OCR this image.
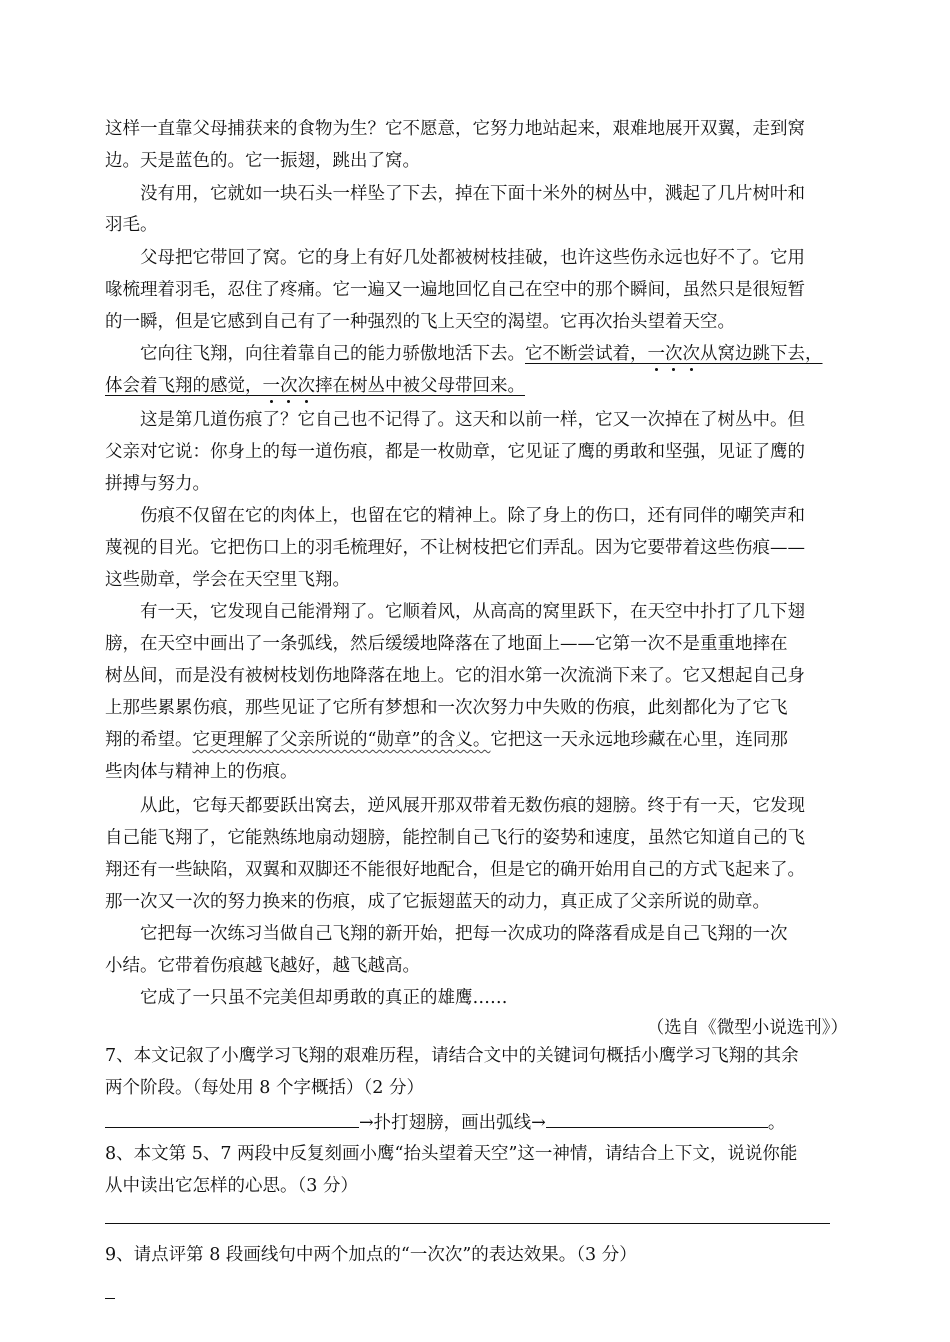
这样一直靠父母捕获来的食物为生？它不愿意，它努力地站起来，艰难地展开双翼，走到窝
边。天是蓝色的。它一振翅，跳出了窝。
没有用，它就如一块石头一样坠了下去，掉在下面十米外的树丛中，溅起了几片树叶和
羽毛。
父母把它带回了窝。它的身上有好几处都被树枝挂破，也许这些伤永远也好不了。它用
喙梳理着羽毛，忍住了疼痛。它一遍又一遍地回忆自己在空中的那个瞬间，虽然只是很短暂
的一瞬，但是它感到自己有了一种强烈的飞上天空的渴望。它再次抬头望着天空。
它向往飞翔，向往着靠自己的能力骄傲地活下去。它不断尝试着，一次次从窝边跳下去，
体会着飞翔的感觉，一次次摔在树丛中被父母带回来。
这是第几道伤痕了？它自己也不记得了。这天和以前一样，它又一次掉在了树丛中。但
父亲对它说：你身上的每一道伤痕，都是一枚勋章，它见证了鹰的勇敢和坚强，见证了鹰的
拼搏与努力。
伤痕不仅留在它的肉体上，也留在它的精神上。除了身上的伤口，还有同伴的嘲笑声和
蔑视的目光。它把伤口上的羽毛梳理好，不让树枝把它们弄乱。因为它要带着这些伤痕——
这些勋章，学会在天空里飞翔。
有一天，它发现自己能滑翔了。它顺着风，从高高的窝里跃下，在天空中扑打了几下翅
膀，在天空中画出了一条弧线，然后缓缓地降落在了地面上——它第一次不是重重地摔在
树丛间，而是没有被树枝划伤地降落在地上。它的泪水第一次流淌下来了。它又想起自己身
上那些累累伤痕，那些见证了它所有梦想和一次次努力中失败的伤痕，此刻都化为了它飞
翔的希望。它更理解了父亲所说的“勋章”的含义。它把这一天永远地珍藏在心里，连同那
些肉体与精神上的伤痕。
从此，它每天都要跃出窝去，逆风展开那双带着无数伤痕的翅膀。终于有一天，它发现
自己能飞翔了，它能熟练地扇动翅膀，能控制自己飞行的姿势和速度，虽然它知道自己的飞
翔还有一些缺陷，双翼和双脚还不能很好地配合，但是它的确开始用自己的方式飞起来了。
那一次又一次的努力换来的伤痕，成了它振翅蓝天的动力，真正成了父亲所说的勋章。
它把每一次练习当做自己飞翔的新开始，把每一次成功的降落看成是自己飞翔的一次
小结。它带着伤痕越飞越好，越飞越高。
它成了一只虽不完美但却勇敢的真正的雄鹰……
（选自《微型小说选刊》）
7、本文记叙了小鹰学习飞翔的艰难历程，请结合文中的关键词句概括小鹰学习飞翔的其余
两个阶段。（每处用 8 个字概括）（2 分）
→扑打翅膀，画出弧线→	。
8、本文第 5、7 两段中反复刻画小鹰“抬头望着天空”这一神情，请结合上下文，说说你能
从中读出它怎样的心思。（3 分）
9、请点评第 8 段画线句中两个加点的“一次次”的表达效果。（3 分）
